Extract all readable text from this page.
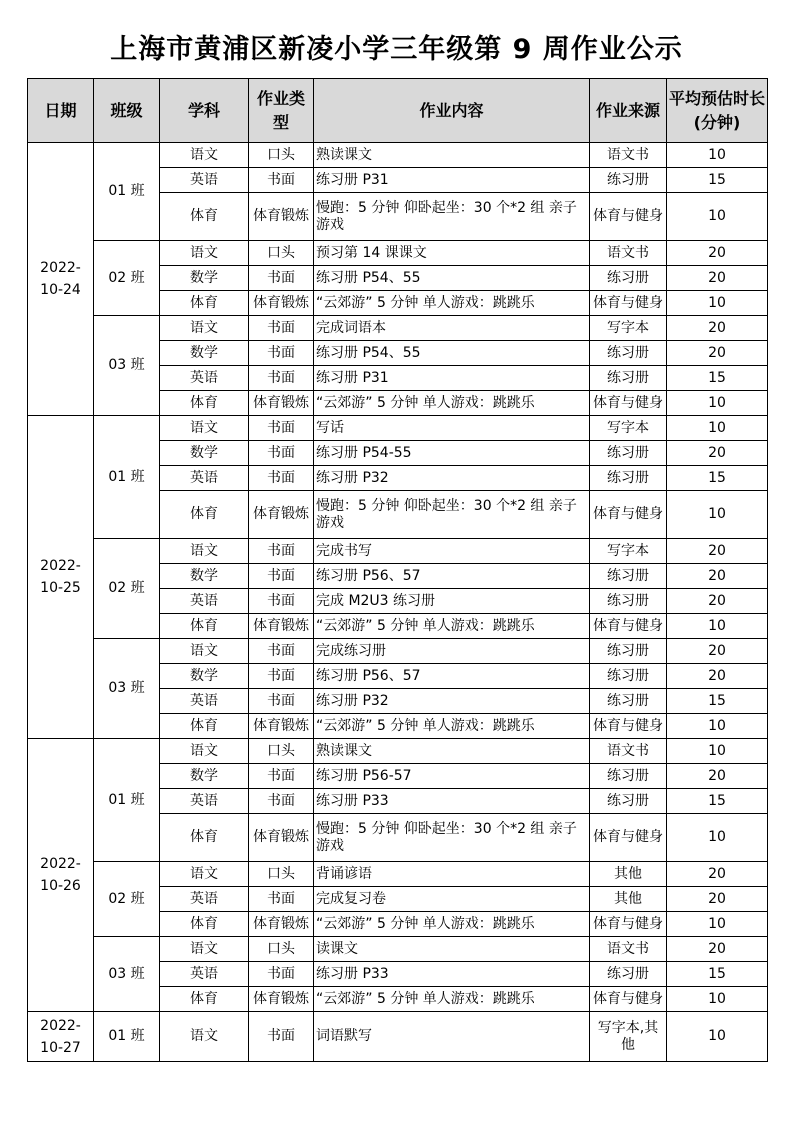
上海市黄浦区新凌小学三年级第 9 周作业公示
日期	班级	学科	作业类型	作业内容	作业来源	平均预估时长(分钟)
2022-10-24	01 班	语文	口头	熟读课文	语文书	10
		英语	书面	练习册 P31	练习册	15
		体育	体育锻炼	慢跑：5 分钟 仰卧起坐：30 个*2 组 亲子游戏	体育与健身	10
	02 班	语文	口头	预习第 14 课课文	语文书	20
		数学	书面	练习册 P54、55	练习册	20
		体育	体育锻炼	“云郊游” 5 分钟 单人游戏：跳跳乐	体育与健身	10
	03 班	语文	书面	完成词语本	写字本	20
		数学	书面	练习册 P54、55	练习册	20
		英语	书面	练习册 P31	练习册	15
		体育	体育锻炼	“云郊游” 5 分钟 单人游戏：跳跳乐	体育与健身	10
2022-10-25	01 班	语文	书面	写话	写字本	10
		数学	书面	练习册 P54-55	练习册	20
		英语	书面	练习册 P32	练习册	15
		体育	体育锻炼	慢跑：5 分钟 仰卧起坐：30 个*2 组 亲子游戏	体育与健身	10
	02 班	语文	书面	完成书写	写字本	20
		数学	书面	练习册 P56、57	练习册	20
		英语	书面	完成 M2U3 练习册	练习册	20
		体育	体育锻炼	“云郊游” 5 分钟 单人游戏：跳跳乐	体育与健身	10
	03 班	语文	书面	完成练习册	练习册	20
		数学	书面	练习册 P56、57	练习册	20
		英语	书面	练习册 P32	练习册	15
		体育	体育锻炼	“云郊游” 5 分钟 单人游戏：跳跳乐	体育与健身	10
2022-10-26	01 班	语文	口头	熟读课文	语文书	10
		数学	书面	练习册 P56-57	练习册	20
		英语	书面	练习册 P33	练习册	15
		体育	体育锻炼	慢跑：5 分钟 仰卧起坐：30 个*2 组 亲子游戏	体育与健身	10
	02 班	语文	口头	背诵谚语	其他	20
		英语	书面	完成复习卷	其他	20
		体育	体育锻炼	“云郊游” 5 分钟 单人游戏：跳跳乐	体育与健身	10
	03 班	语文	口头	读课文	语文书	20
		英语	书面	练习册 P33	练习册	15
		体育	体育锻炼	“云郊游” 5 分钟 单人游戏：跳跳乐	体育与健身	10
2022-10-27	01 班	语文	书面	词语默写	写字本,其他	10
